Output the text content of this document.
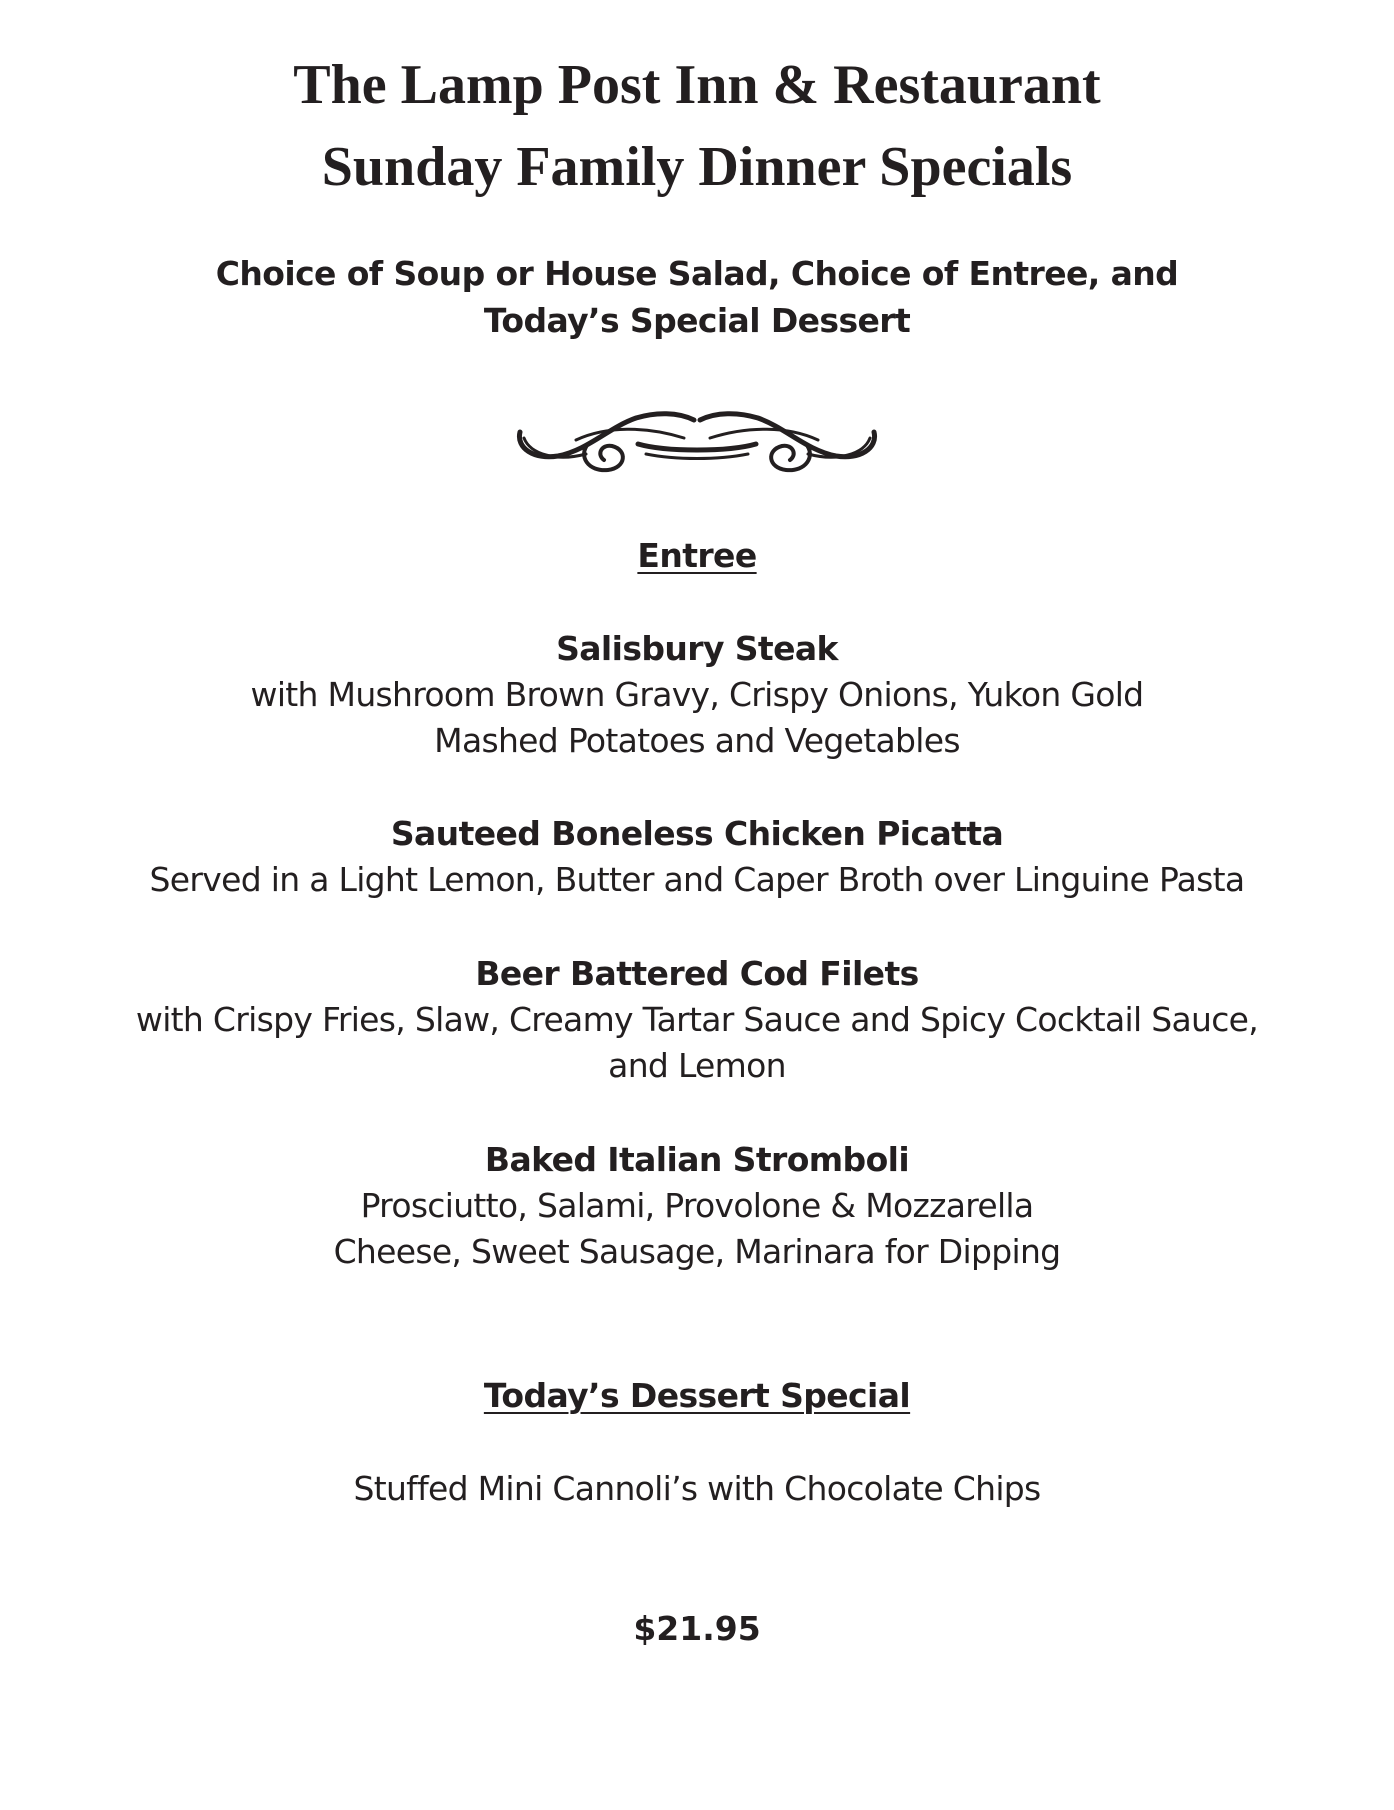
The Lamp Post Inn & Restaurant
Sunday Family Dinner Specials

Choice of Soup or House Salad, Choice of Entree, and
Today’s Special Dessert

Entree

Salisbury Steak
with Mushroom Brown Gravy, Crispy Onions, Yukon Gold
Mashed Potatoes and Vegetables

Sauteed Boneless Chicken Picatta
Served in a Light Lemon, Butter and Caper Broth over Linguine Pasta

Beer Battered Cod Filets
with Crispy Fries, Slaw, Creamy Tartar Sauce and Spicy Cocktail Sauce,
and Lemon

Baked Italian Stromboli
Prosciutto, Salami, Provolone & Mozzarella
Cheese, Sweet Sausage, Marinara for Dipping

Today’s Dessert Special

Stuffed Mini Cannoli’s with Chocolate Chips

$21.95
